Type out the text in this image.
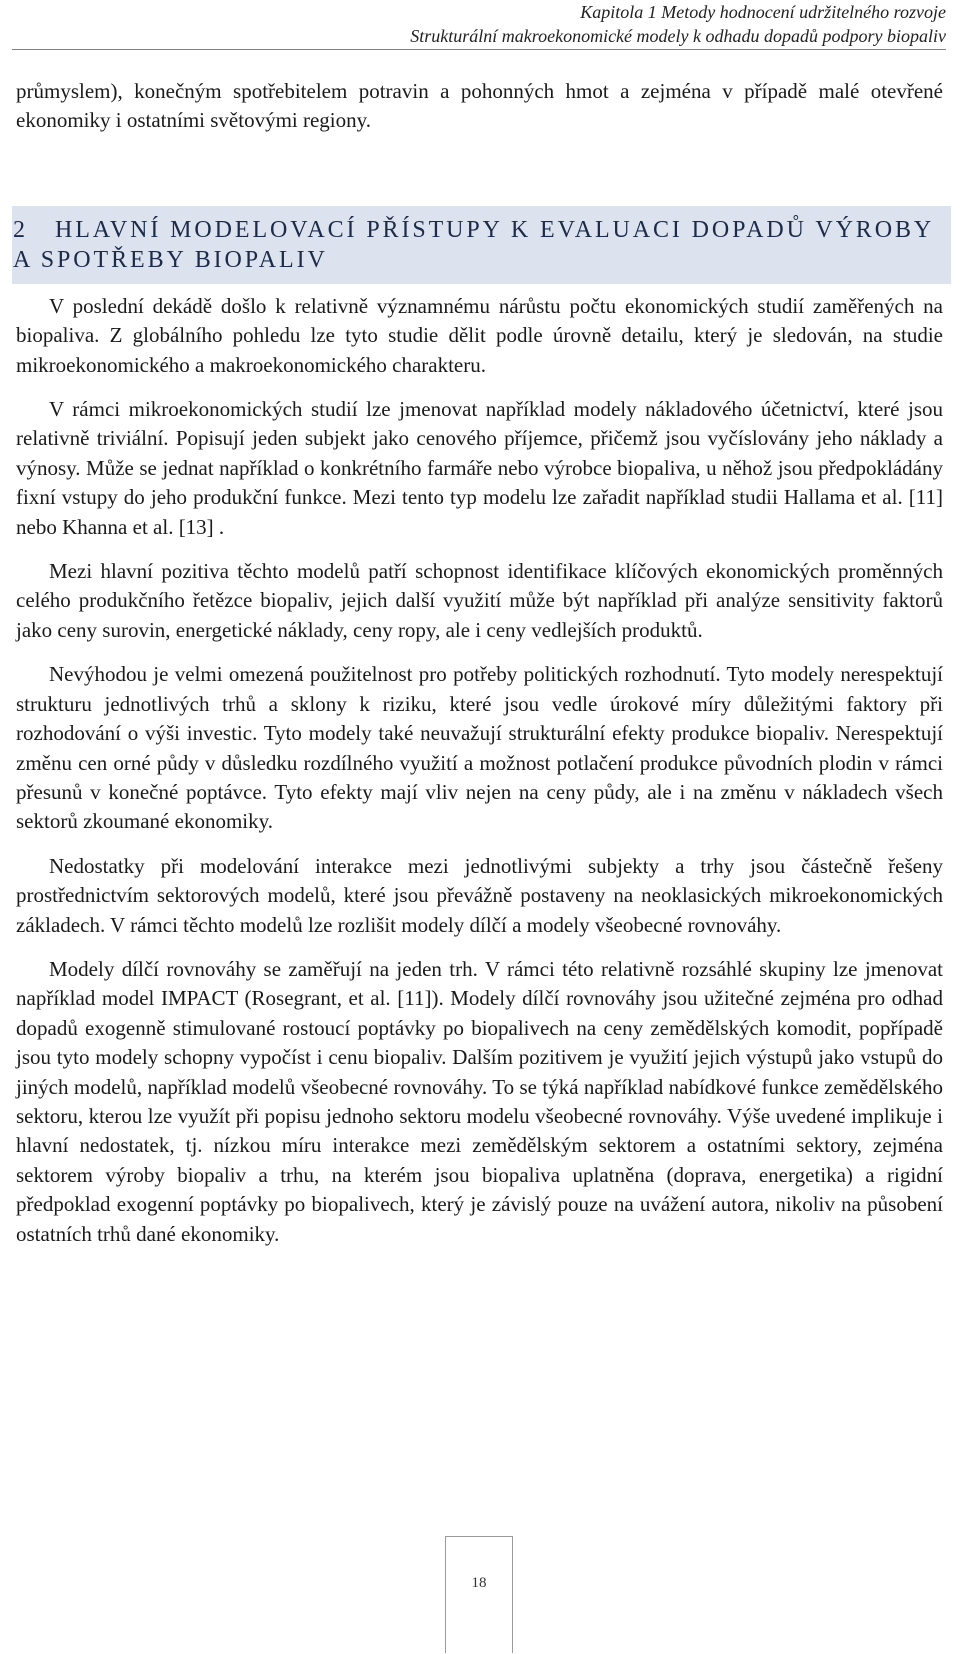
Kapitola 1 Metody hodnocení udržitelného rozvoje
Strukturální makroekonomické modely k odhadu dopadů podpory biopaliv

průmyslem), konečným spotřebitelem potravin a pohonných hmot a zejména v případě malé otevřené ekonomiky i ostatními světovými regiony.

2 HLAVNÍ MODELOVACÍ PŘÍSTUPY K EVALUACI DOPADŮ VÝROBY A SPOTŘEBY BIOPALIV

V poslední dekádě došlo k relativně významnému nárůstu počtu ekonomických studií zaměřených na biopaliva. Z globálního pohledu lze tyto studie dělit podle úrovně detailu, který je sledován, na studie mikroekonomického a makroekonomického charakteru.

V rámci mikroekonomických studií lze jmenovat například modely nákladového účetnictví, které jsou relativně triviální. Popisují jeden subjekt jako cenového příjemce, přičemž jsou vyčíslovány jeho náklady a výnosy. Může se jednat například o konkrétního farmáře nebo výrobce biopaliva, u něhož jsou předpokládány fixní vstupy do jeho produkční funkce. Mezi tento typ modelu lze zařadit například studii Hallama et al. [11] nebo Khanna et al. [13] .

Mezi hlavní pozitiva těchto modelů patří schopnost identifikace klíčových ekonomických proměnných celého produkčního řetězce biopaliv, jejich další využití může být například při analýze sensitivity faktorů jako ceny surovin, energetické náklady, ceny ropy, ale i ceny vedlejších produktů.

Nevýhodou je velmi omezená použitelnost pro potřeby politických rozhodnutí. Tyto modely nerespektují strukturu jednotlivých trhů a sklony k riziku, které jsou vedle úrokové míry důležitými faktory při rozhodování o výši investic. Tyto modely také neuvažují strukturální efekty produkce biopaliv. Nerespektují změnu cen orné půdy v důsledku rozdílného využití a možnost potlačení produkce původních plodin v rámci přesunů v konečné poptávce. Tyto efekty mají vliv nejen na ceny půdy, ale i na změnu v nákladech všech sektorů zkoumané ekonomiky.

Nedostatky při modelování interakce mezi jednotlivými subjekty a trhy jsou částečně řešeny prostřednictvím sektorových modelů, které jsou převážně postaveny na neoklasických mikroekonomických základech. V rámci těchto modelů lze rozlišit modely dílčí a modely všeobecné rovnováhy.

Modely dílčí rovnováhy se zaměřují na jeden trh. V rámci této relativně rozsáhlé skupiny lze jmenovat například model IMPACT (Rosegrant, et al. [11]). Modely dílčí rovnováhy jsou užitečné zejména pro odhad dopadů exogenně stimulované rostoucí poptávky po biopalivech na ceny zemědělských komodit, popřípadě jsou tyto modely schopny vypočíst i cenu biopaliv. Dalším pozitivem je využití jejich výstupů jako vstupů do jiných modelů, například modelů všeobecné rovnováhy. To se týká například nabídkové funkce zemědělského sektoru, kterou lze využít při popisu jednoho sektoru modelu všeobecné rovnováhy. Výše uvedené implikuje i hlavní nedostatek, tj. nízkou míru interakce mezi zemědělským sektorem a ostatními sektory, zejména sektorem výroby biopaliv a trhu, na kterém jsou biopaliva uplatněna (doprava, energetika) a rigidní předpoklad exogenní poptávky po biopalivech, který je závislý pouze na uvážení autora, nikoliv na působení ostatních trhů dané ekonomiky.

18
